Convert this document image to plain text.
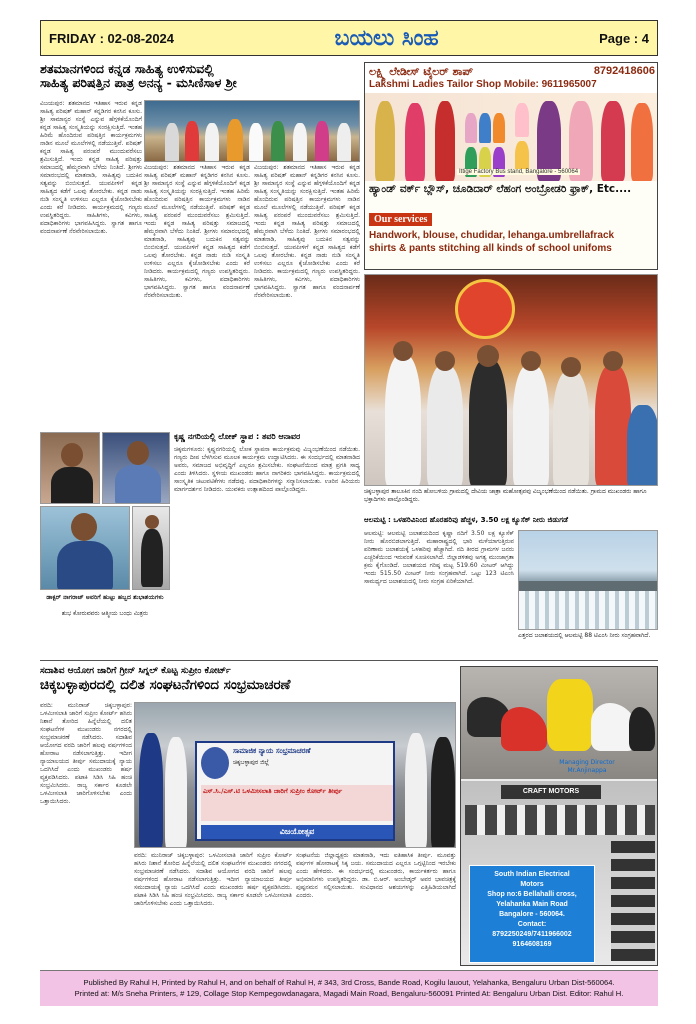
FRIDAY : 02-08-2024	ಬಯಲು ಸಿಂಹ	Page : 4
ಶತಮಾನಗಳಿಂದ ಕನ್ನಡ ಸಾಹಿತ್ಯ ಉಳಿಸುವಲ್ಲಿ
ಸಾಹಿತ್ಯ ಪರಿಷತ್ತಿನ ಪಾತ್ರ ಅನನ್ಯ - ಮಸಿಣಿಸಾಳ ಶ್ರೀ
ವಿಜಯಪುರ: ಶತಮಾನದ ಇತಿಹಾಸ ಇರುವ ಕನ್ನಡ ಸಾಹಿತ್ಯ ಪರಿಷತ್ ಮಹಾನ್ ಕನ್ನಡಿಗರ ಕನಸಿನ ಕೂಸು. ಶ್ರೀ ಸಾಮಾನ್ಯರ ಸಂಸ್ಥೆ ಎನ್ನುವ ಹೆಗ್ಗಳಿಕೆಯೊಂದಿಗೆ ಕನ್ನಡ ಸಾಹಿತ್ಯ ಸಂಸ್ಕೃತಿಯನ್ನು ಸಂರಕ್ಷಿಸುತ್ತಿದೆ. ಇಂತಹ ಹಿರಿಮೆ ಹೊಂದಿರುವ ಪರಿಷತ್ತಿನ ಕಾರ್ಯಕ್ರಮಗಳು ನಾಡಿನ ಮೂಲೆ ಮೂಲೆಗಳಲ್ಲಿ ನಡೆಯುತ್ತಿವೆ. ಪರಿಷತ್ ಕನ್ನಡ ಸಾಹಿತ್ಯ ಪರಂಪರೆ ಮುಂದುವರೆಸಲು ಶ್ರಮಿಸುತ್ತಿದೆ. ಇಂದು ಕನ್ನಡ ಸಾಹಿತ್ಯ ಪರಿಷತ್ತು ಸಮಾಜದಲ್ಲಿ ಹೆಮ್ಮರವಾಗಿ ಬೆಳೆದು ನಿಂತಿದೆ. ಶ್ರೀಗಳು ಸಮಾರಂಭದಲ್ಲಿ ಮಾತನಾಡಿ, ಸಾಹಿತ್ಯವು ಬದುಕಿನ ಸತ್ವವನ್ನು ಬಿಂಬಿಸುತ್ತದೆ. ಯುವಪೀಳಿಗೆ ಕನ್ನಡ ಸಾಹಿತ್ಯದ ಕಡೆಗೆ ಒಲವು ತೋರಬೇಕು. ಕನ್ನಡ ನಾಡು ನುಡಿ ಸಂಸ್ಕೃತಿ ಉಳಿಸಲು ಎಲ್ಲರೂ ಕೈಜೋಡಿಸಬೇಕು ಎಂದು ಕರೆ ನೀಡಿದರು. ಕಾರ್ಯಕ್ರಮದಲ್ಲಿ ಗಣ್ಯರು ಉಪಸ್ಥಿತರಿದ್ದರು. ಸಾಹಿತಿಗಳು, ಕವಿಗಳು, ಪದಾಧಿಕಾರಿಗಳು ಭಾಗವಹಿಸಿದ್ದರು. ಸ್ವಾಗತ ಹಾಗೂ ವಂದನಾರ್ಪಣೆ ನೆರವೇರಿಸಲಾಯಿತು.
ವಿಜಯಪುರ: ಶತಮಾನದ ಇತಿಹಾಸ ಇರುವ ಕನ್ನಡ ಸಾಹಿತ್ಯ ಪರಿಷತ್ ಮಹಾನ್ ಕನ್ನಡಿಗರ ಕನಸಿನ ಕೂಸು. ಶ್ರೀ ಸಾಮಾನ್ಯರ ಸಂಸ್ಥೆ ಎನ್ನುವ ಹೆಗ್ಗಳಿಕೆಯೊಂದಿಗೆ ಕನ್ನಡ ಸಾಹಿತ್ಯ ಸಂಸ್ಕೃತಿಯನ್ನು ಸಂರಕ್ಷಿಸುತ್ತಿದೆ. ಇಂತಹ ಹಿರಿಮೆ ಹೊಂದಿರುವ ಪರಿಷತ್ತಿನ ಕಾರ್ಯಕ್ರಮಗಳು ನಾಡಿನ ಮೂಲೆ ಮೂಲೆಗಳಲ್ಲಿ ನಡೆಯುತ್ತಿವೆ. ಪರಿಷತ್ ಕನ್ನಡ ಸಾಹಿತ್ಯ ಪರಂಪರೆ ಮುಂದುವರೆಸಲು ಶ್ರಮಿಸುತ್ತಿದೆ. ಇಂದು ಕನ್ನಡ ಸಾಹಿತ್ಯ ಪರಿಷತ್ತು ಸಮಾಜದಲ್ಲಿ ಹೆಮ್ಮರವಾಗಿ ಬೆಳೆದು ನಿಂತಿದೆ. ಶ್ರೀಗಳು ಸಮಾರಂಭದಲ್ಲಿ ಮಾತನಾಡಿ, ಸಾಹಿತ್ಯವು ಬದುಕಿನ ಸತ್ವವನ್ನು ಬಿಂಬಿಸುತ್ತದೆ. ಯುವಪೀಳಿಗೆ ಕನ್ನಡ ಸಾಹಿತ್ಯದ ಕಡೆಗೆ ಒಲವು ತೋರಬೇಕು. ಕನ್ನಡ ನಾಡು ನುಡಿ ಸಂಸ್ಕೃತಿ ಉಳಿಸಲು ಎಲ್ಲರೂ ಕೈಜೋಡಿಸಬೇಕು ಎಂದು ಕರೆ ನೀಡಿದರು. ಕಾರ್ಯಕ್ರಮದಲ್ಲಿ ಗಣ್ಯರು ಉಪಸ್ಥಿತರಿದ್ದರು. ಸಾಹಿತಿಗಳು, ಕವಿಗಳು, ಪದಾಧಿಕಾರಿಗಳು ಭಾಗವಹಿಸಿದ್ದರು. ಸ್ವಾಗತ ಹಾಗೂ ವಂದನಾರ್ಪಣೆ ನೆರವೇರಿಸಲಾಯಿತು.
ವಿಜಯಪುರ: ಶತಮಾನದ ಇತಿಹಾಸ ಇರುವ ಕನ್ನಡ ಸಾಹಿತ್ಯ ಪರಿಷತ್ ಮಹಾನ್ ಕನ್ನಡಿಗರ ಕನಸಿನ ಕೂಸು. ಶ್ರೀ ಸಾಮಾನ್ಯರ ಸಂಸ್ಥೆ ಎನ್ನುವ ಹೆಗ್ಗಳಿಕೆಯೊಂದಿಗೆ ಕನ್ನಡ ಸಾಹಿತ್ಯ ಸಂಸ್ಕೃತಿಯನ್ನು ಸಂರಕ್ಷಿಸುತ್ತಿದೆ. ಇಂತಹ ಹಿರಿಮೆ ಹೊಂದಿರುವ ಪರಿಷತ್ತಿನ ಕಾರ್ಯಕ್ರಮಗಳು ನಾಡಿನ ಮೂಲೆ ಮೂಲೆಗಳಲ್ಲಿ ನಡೆಯುತ್ತಿವೆ. ಪರಿಷತ್ ಕನ್ನಡ ಸಾಹಿತ್ಯ ಪರಂಪರೆ ಮುಂದುವರೆಸಲು ಶ್ರಮಿಸುತ್ತಿದೆ. ಇಂದು ಕನ್ನಡ ಸಾಹಿತ್ಯ ಪರಿಷತ್ತು ಸಮಾಜದಲ್ಲಿ ಹೆಮ್ಮರವಾಗಿ ಬೆಳೆದು ನಿಂತಿದೆ. ಶ್ರೀಗಳು ಸಮಾರಂಭದಲ್ಲಿ ಮಾತನಾಡಿ, ಸಾಹಿತ್ಯವು ಬದುಕಿನ ಸತ್ವವನ್ನು ಬಿಂಬಿಸುತ್ತದೆ. ಯುವಪೀಳಿಗೆ ಕನ್ನಡ ಸಾಹಿತ್ಯದ ಕಡೆಗೆ ಒಲವು ತೋರಬೇಕು. ಕನ್ನಡ ನಾಡು ನುಡಿ ಸಂಸ್ಕೃತಿ ಉಳಿಸಲು ಎಲ್ಲರೂ ಕೈಜೋಡಿಸಬೇಕು ಎಂದು ಕರೆ ನೀಡಿದರು. ಕಾರ್ಯಕ್ರಮದಲ್ಲಿ ಗಣ್ಯರು ಉಪಸ್ಥಿತರಿದ್ದರು. ಸಾಹಿತಿಗಳು, ಕವಿಗಳು, ಪದಾಧಿಕಾರಿಗಳು ಭಾಗವಹಿಸಿದ್ದರು. ಸ್ವಾಗತ ಹಾಗೂ ವಂದನಾರ್ಪಣೆ ನೆರವೇರಿಸಲಾಯಿತು.
ಲಕ್ಷ್ಮಿ ಲೇಡೀಸ್ ಟೈಲರ್ ಶಾಪ್	8792418606
Lakshmi Ladies Tailor Shop Mobile: 9611965007
Ittige Factory Bus stand, Bangalore - 560064
ಹ್ಯಾಂಡ್ ವರ್ಕ್ ಬ್ಲೌಸ್, ಚೂಡಿದಾರ್ ಲೆಹಂಗ ಅಂಬ್ರೋಡರಿ ಫ್ರಾಕ್, Etc....
Our services
Handwork, blouse, chudidar, lehanga.umbrellafrack
shirts & pants stitching all kinds of school unifoms
ಚಿಕ್ಕಬಳ್ಳಾಪುರ ತಾಲೂಕಿನ ನಂದಿ ಹೋಬಳಿಯ ಗ್ರಾಮದಲ್ಲಿ ದೇವಿಯ ಜಾತ್ರಾ ಮಹೋತ್ಸವವು ವಿಜೃಂಭಣೆಯಿಂದ ನಡೆಯಿತು. ಗ್ರಾಮದ ಮುಖಂಡರು ಹಾಗೂ ಭಕ್ತಾದಿಗಳು ಪಾಲ್ಗೊಂಡಿದ್ದರು.
ಡಾಕ್ಟರ್ ನಾಗರಾಜ್ ಅವರಿಗೆ ಹುಟ್ಟು ಹಬ್ಬದ ಶುಭಾಶಯಗಳು
ಶುಭ ಕೋರುವವರು ಆತ್ಮೀಯ ಬಂಧು ಮಿತ್ರರು
ಕೃಷ್ಣ ನಗರಿಯಲ್ಲಿ ಲೋಕ್ ಸ್ಥಾಪ : ತವರಿ ಆನಾವರ
ಚಿಕ್ಕಮಗಳೂರು: ಕೃಷ್ಣನಗರಿಯಲ್ಲಿ ಲೋಕ ಸ್ಥಾಪನಾ ಕಾರ್ಯಕ್ರಮವು ವಿಜೃಂಭಣೆಯಿಂದ ನಡೆಯಿತು. ಗಣ್ಯರು ದೀಪ ಬೆಳಗಿಸುವ ಮೂಲಕ ಕಾರ್ಯಕ್ರಮ ಉದ್ಘಾಟಿಸಿದರು. ಈ ಸಂದರ್ಭದಲ್ಲಿ ಮಾತನಾಡಿದ ಅವರು, ಸಮಾಜದ ಅಭಿವೃದ್ಧಿಗೆ ಎಲ್ಲರೂ ಶ್ರಮಿಸಬೇಕು. ಸಂಘಟನೆಯಿಂದ ಮಾತ್ರ ಪ್ರಗತಿ ಸಾಧ್ಯ ಎಂದು ತಿಳಿಸಿದರು. ಸ್ಥಳೀಯ ಮುಖಂಡರು ಹಾಗೂ ನಾಗರಿಕರು ಭಾಗವಹಿಸಿದ್ದರು. ಕಾರ್ಯಕ್ರಮದಲ್ಲಿ ಸಾಂಸ್ಕೃತಿಕ ಚಟುವಟಿಕೆಗಳು ನಡೆದವು. ಪದಾಧಿಕಾರಿಗಳನ್ನು ಸನ್ಮಾನಿಸಲಾಯಿತು. ಊರಿನ ಹಿರಿಯರು ಮಾರ್ಗದರ್ಶನ ನೀಡಿದರು. ಯುವಕರು ಉತ್ಸಾಹದಿಂದ ಪಾಲ್ಗೊಂಡಿದ್ದರು.
ಆಲಮಟ್ಟಿ : ಒಳಹರಿವಿನಿಂದ ಹೊರಹರಿವು ಹೆಚ್ಚಳ, 3.50 ಲಕ್ಷ ಕ್ಯೂಸೆಕ್ ನೀರು ಜಿಡುಗಡೆ
ಆಲಮಟ್ಟಿ: ಆಲಮಟ್ಟಿ ಜಲಾಶಯದಿಂದ ಕೃಷ್ಣಾ ನದಿಗೆ 3.50 ಲಕ್ಷ ಕ್ಯೂಸೆಕ್ ನೀರು ಹೊರಬಿಡಲಾಗುತ್ತಿದೆ. ಮಹಾರಾಷ್ಟ್ರದಲ್ಲಿ ಭಾರಿ ಮಳೆಯಾಗುತ್ತಿರುವ ಪರಿಣಾಮ ಜಲಾಶಯಕ್ಕೆ ಒಳಹರಿವು ಹೆಚ್ಚಾಗಿದೆ. ನದಿ ತೀರದ ಗ್ರಾಮಗಳ ಜನರು ಎಚ್ಚರಿಕೆಯಿಂದ ಇರುವಂತೆ ಸೂಚಿಸಲಾಗಿದೆ. ಜಿಲ್ಲಾಡಳಿತವು ಅಗತ್ಯ ಮುಂಜಾಗ್ರತಾ ಕ್ರಮ ಕೈಗೊಂಡಿದೆ. ಜಲಾಶಯದ ಗರಿಷ್ಠ ಮಟ್ಟ 519.60 ಮೀಟರ್ ಆಗಿದ್ದು ಇಂದು 515.50 ಮೀಟರ್ ನೀರು ಸಂಗ್ರಹವಾಗಿದೆ. ಒಟ್ಟು 123 ಟಿಎಂಸಿ ಸಾಮರ್ಥ್ಯದ ಜಲಾಶಯದಲ್ಲಿ ನೀರು ಸಂಗ್ರಹ ಏರಿಕೆಯಾಗಿದೆ.
ಎತ್ತರದ ಜಲಾಶಯದಲ್ಲಿ ಆಲಮಟ್ಟಿ 88 ಟಿಎಂಸಿ ನೀರು ಸಂಗ್ರಹವಾಗಿದೆ.
ಸದಾಶಿವ ಆಯೋಗ ಜಾರಿಗೆ ಗ್ರೀನ್ ಸಿಗ್ನಲ್ ಕೊಟ್ಟ ಸುಪ್ರೀಂ ಕೋರ್ಟ್
ಚಿಕ್ಕಬಳ್ಳಾಪುರದಲ್ಲಿ ದಲಿತ ಸಂಘಟನೆಗಳಿಂದ ಸಂಭ್ರಮಾಚರಣೆ
ವರದಿ: ಮುನಿರಾಜ್ ಚಿಕ್ಕಬಳ್ಳಾಪುರ: ಒಳಮೀಸಲಾತಿ ಜಾರಿಗೆ ಸುಪ್ರೀಂ ಕೋರ್ಟ್ ಹಸಿರು ನಿಶಾನೆ ತೋರಿದ ಹಿನ್ನೆಲೆಯಲ್ಲಿ ದಲಿತ ಸಂಘಟನೆಗಳ ಮುಖಂಡರು ನಗರದಲ್ಲಿ ಸಂಭ್ರಮಾಚರಣೆ ನಡೆಸಿದರು. ಸದಾಶಿವ ಆಯೋಗದ ವರದಿ ಜಾರಿಗೆ ಹಲವು ವರ್ಷಗಳಿಂದ ಹೋರಾಟ ನಡೆಸಲಾಗುತ್ತಿತ್ತು. ಇದೀಗ ನ್ಯಾಯಾಲಯದ ತೀರ್ಪು ಸಮುದಾಯಕ್ಕೆ ನ್ಯಾಯ ಒದಗಿಸಿದೆ ಎಂದು ಮುಖಂಡರು ಹರ್ಷ ವ್ಯಕ್ತಪಡಿಸಿದರು. ಪಟಾಕಿ ಸಿಡಿಸಿ ಸಿಹಿ ಹಂಚಿ ಸಂಭ್ರಮಿಸಿದರು. ರಾಜ್ಯ ಸರ್ಕಾರ ಕೂಡಲೇ ಒಳಮೀಸಲಾತಿ ಜಾರಿಗೊಳಿಸಬೇಕು ಎಂದು ಒತ್ತಾಯಿಸಿದರು.
ಸಾಮಾಜಿಕ ನ್ಯಾಯ ಸಂಭ್ರಮಾಚರಣೆ
ಚಿಕ್ಕಬಳ್ಳಾಪುರ ಜಿಲ್ಲೆ
ಎಸ್.ಸಿ./ಎಸ್.ಟಿ ಒಳಮೀಸಲಾತಿ ಜಾರಿಗೆ ಸುಪ್ರೀಂ ಕೋರ್ಟ್ ತೀರ್ಪು
ವಿಜಯೋತ್ಸವ
ವರದಿ: ಮುನಿರಾಜ್ ಚಿಕ್ಕಬಳ್ಳಾಪುರ: ಒಳಮೀಸಲಾತಿ ಜಾರಿಗೆ ಸುಪ್ರೀಂ ಕೋರ್ಟ್ ಹಸಿರು ನಿಶಾನೆ ತೋರಿದ ಹಿನ್ನೆಲೆಯಲ್ಲಿ ದಲಿತ ಸಂಘಟನೆಗಳ ಮುಖಂಡರು ನಗರದಲ್ಲಿ ಸಂಭ್ರಮಾಚರಣೆ ನಡೆಸಿದರು. ಸದಾಶಿವ ಆಯೋಗದ ವರದಿ ಜಾರಿಗೆ ಹಲವು ವರ್ಷಗಳಿಂದ ಹೋರಾಟ ನಡೆಸಲಾಗುತ್ತಿತ್ತು. ಇದೀಗ ನ್ಯಾಯಾಲಯದ ತೀರ್ಪು ಸಮುದಾಯಕ್ಕೆ ನ್ಯಾಯ ಒದಗಿಸಿದೆ ಎಂದು ಮುಖಂಡರು ಹರ್ಷ ವ್ಯಕ್ತಪಡಿಸಿದರು. ಪಟಾಕಿ ಸಿಡಿಸಿ ಸಿಹಿ ಹಂಚಿ ಸಂಭ್ರಮಿಸಿದರು. ರಾಜ್ಯ ಸರ್ಕಾರ ಕೂಡಲೇ ಒಳಮೀಸಲಾತಿ ಜಾರಿಗೊಳಿಸಬೇಕು ಎಂದು ಒತ್ತಾಯಿಸಿದರು.
ಸಂಘಟನೆಯ ಜಿಲ್ಲಾಧ್ಯಕ್ಷರು ಮಾತನಾಡಿ, ಇದು ಐತಿಹಾಸಿಕ ತೀರ್ಪು. ಮೂವತ್ತು ವರ್ಷಗಳ ಹೋರಾಟಕ್ಕೆ ಸಿಕ್ಕ ಜಯ. ಸಮುದಾಯದ ಎಲ್ಲರೂ ಒಗ್ಗಟ್ಟಿನಿಂದ ಇರಬೇಕು ಎಂದು ಹೇಳಿದರು. ಈ ಸಂದರ್ಭದಲ್ಲಿ ಮುಖಂಡರು, ಕಾರ್ಯಕರ್ತರು ಹಾಗೂ ಅಭಿಮಾನಿಗಳು ಉಪಸ್ಥಿತರಿದ್ದರು. ಡಾ. ಬಿ.ಆರ್. ಅಂಬೇಡ್ಕರ್ ಅವರ ಭಾವಚಿತ್ರಕ್ಕೆ ಪುಷ್ಪನಮನ ಸಲ್ಲಿಸಲಾಯಿತು. ಸಂವಿಧಾನದ ಆಶಯಗಳನ್ನು ಎತ್ತಿಹಿಡಿಯಲಾಗಿದೆ ಎಂದರು.
Managing Director
Mr.Anjinappa
CRAFT MOTORS
South Indian Electrical
Motors
Shop no:6 Bellahalli cross,
Yelahanka Main Road
Bangalore - 560064.
Contact:
8792250249/7411966002
9164608169
Published By Rahul H, Printed by Rahul H, and on behalf of Rahul H, # 343, 3rd Cross, Bande Road, Kogilu lauout, Yelahanka, Bengaluru Urban Dist-560064.
Printed at: M/s Sneha Printers, # 129, Collage Stop Kempegowdanagara, Magadi Main Road, Bengaluru-560091 Printed At: Bengaluru Urban Dist. Editor: Rahul H.
